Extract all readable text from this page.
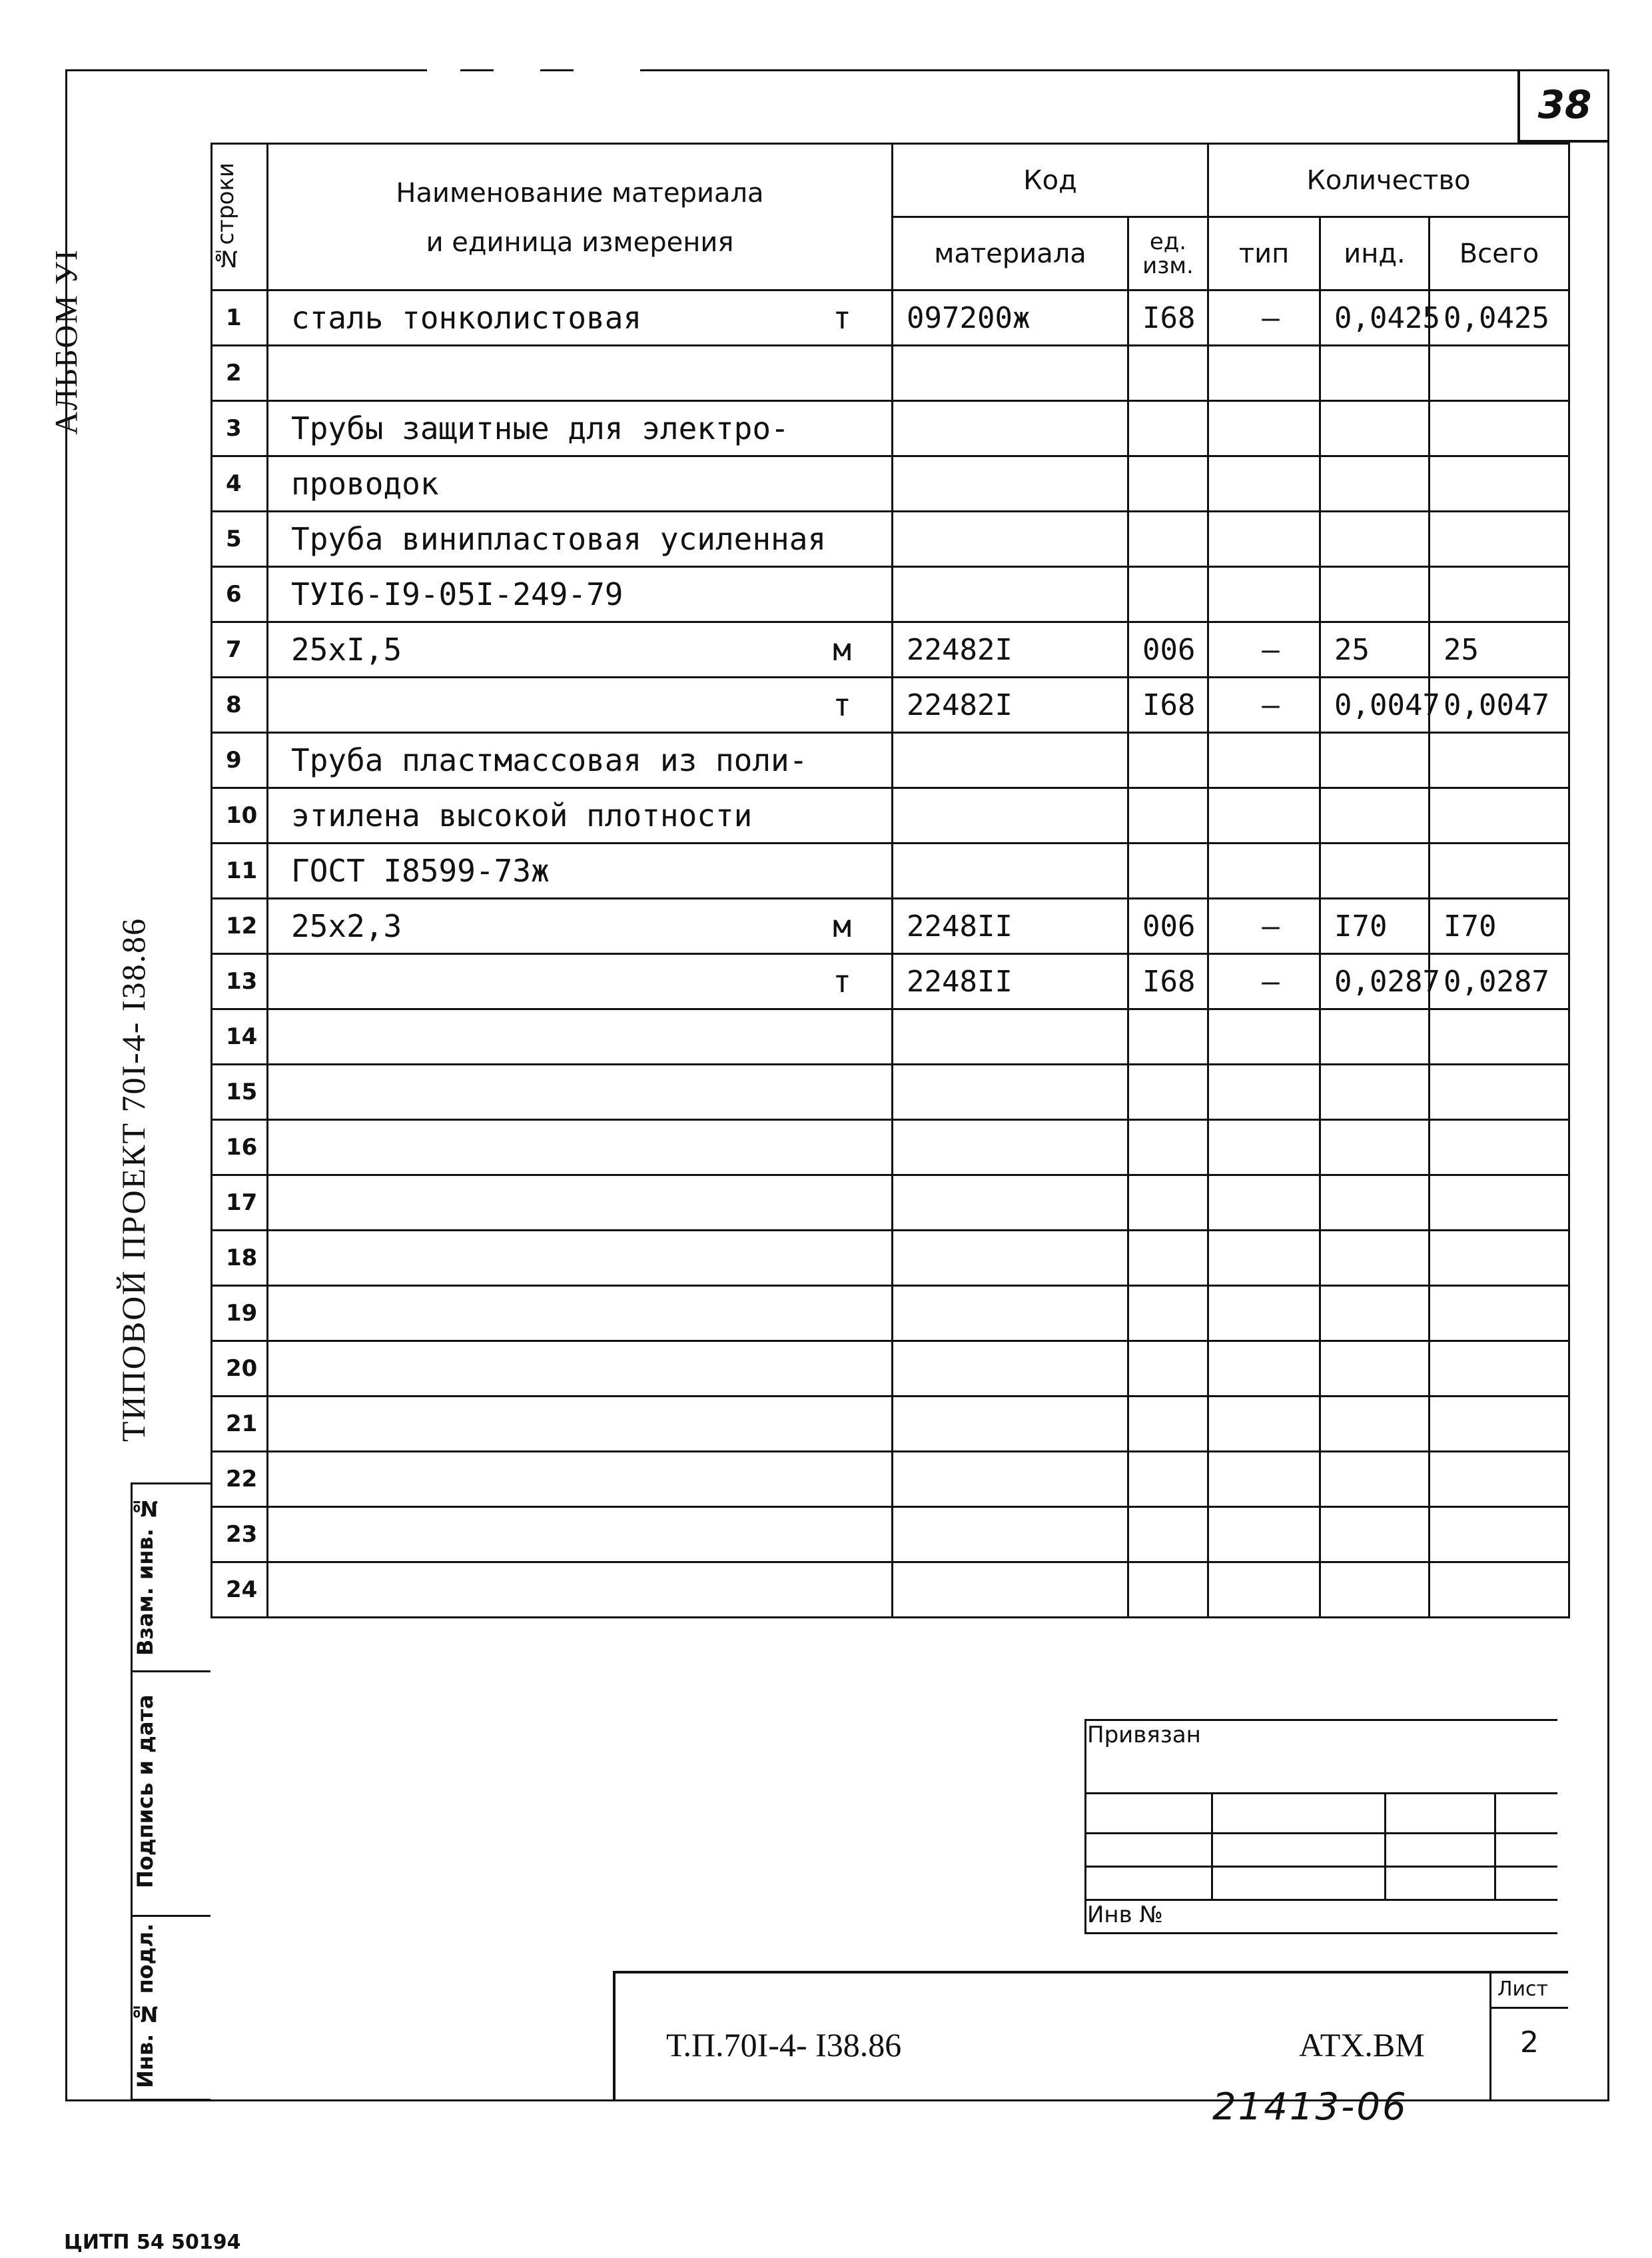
38
АЛЬБОМ УI
ТИПОВОЙ ПРОЕКТ 70I-4- I38.86
Взам. инв. №
Подпись и дата
Инв. № подл.
№строки	Наименование материала
и единица измерения	Код		Количество		
		материала	ед. изм.	тип	инд.	Всего
1	сталь тонколистовая т	097200ж	I68	–	0,0425	0,0425
2	

3	Трубы защитные для электро-

4	проводок

5	Труба винипластовая усиленная

6	ТУI6-I9-05I-249-79

7	25хI,5 м	22482I	006	–	25	25
8	т	22482I	I68	–	0,0047	0,0047
9	Труба пластмассовая из поли-

10	этилена высокой плотности

11	ГОСТ I8599-73ж

12	25х2,3 м	2248II	006	–	I70	I70
13	т	2248II	I68	–	0,0287	0,0287
14	

15	

16	

17	

18	

19	

20	

21	

22	

23	

24	

Привязан			

Инв №			
Лист
2
Т.П.70I-4- I38.86	АТХ.ВМ
21413-06
ЦИТП 54 50194
